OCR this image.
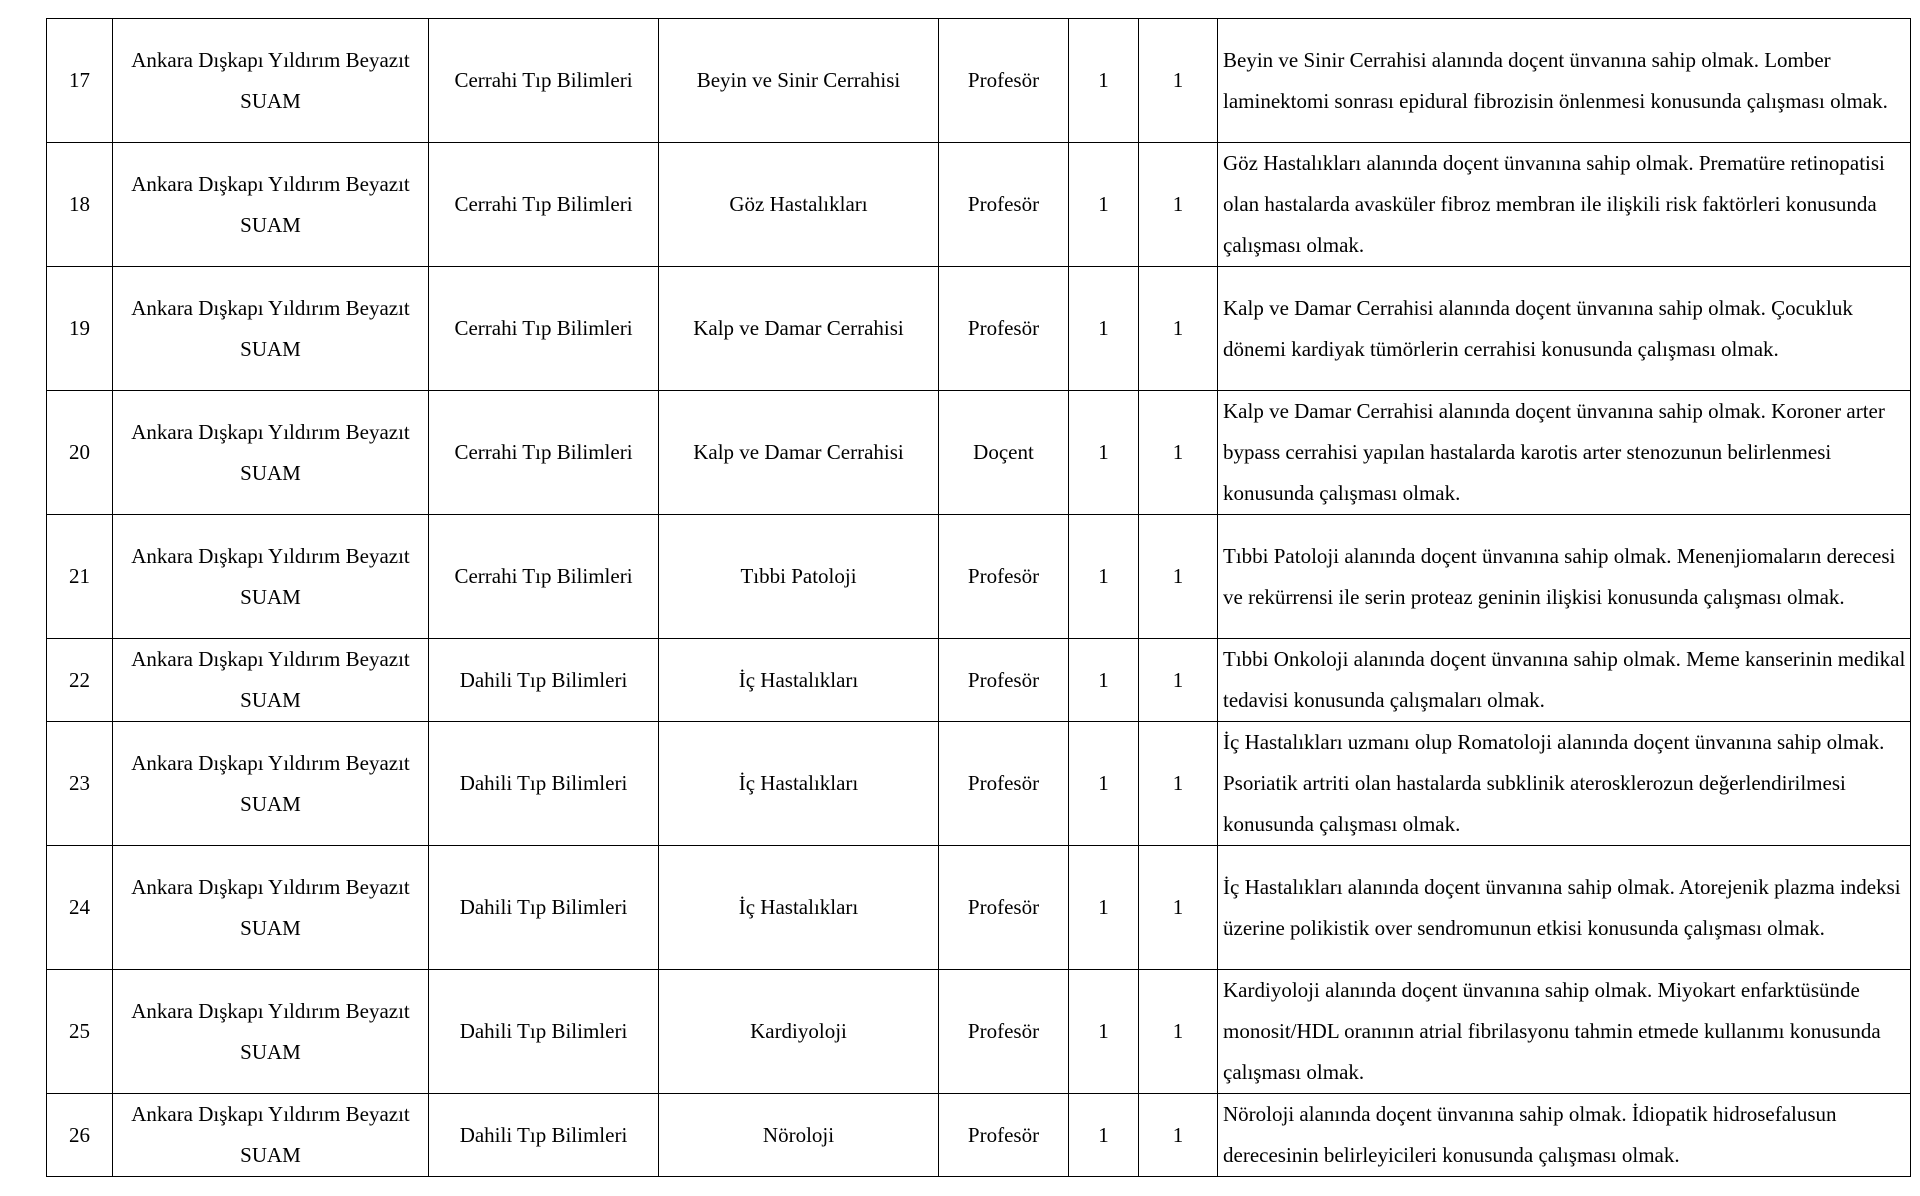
17	Ankara Dışkapı Yıldırım Beyazıt SUAM	Cerrahi Tıp Bilimleri	Beyin ve Sinir Cerrahisi	Profesör	1	1	Beyin ve Sinir Cerrahisi alanında doçent ünvanına sahip olmak. Lomber laminektomi sonrası epidural fibrozisin önlenmesi konusunda çalışması olmak.
18	Ankara Dışkapı Yıldırım Beyazıt SUAM	Cerrahi Tıp Bilimleri	Göz Hastalıkları	Profesör	1	1	Göz Hastalıkları alanında doçent ünvanına sahip olmak. Prematüre retinopatisi olan hastalarda avasküler fibroz membran ile ilişkili risk faktörleri konusunda çalışması olmak.
19	Ankara Dışkapı Yıldırım Beyazıt SUAM	Cerrahi Tıp Bilimleri	Kalp ve Damar Cerrahisi	Profesör	1	1	Kalp ve Damar Cerrahisi alanında doçent ünvanına sahip olmak. Çocukluk dönemi kardiyak tümörlerin cerrahisi konusunda çalışması olmak.
20	Ankara Dışkapı Yıldırım Beyazıt SUAM	Cerrahi Tıp Bilimleri	Kalp ve Damar Cerrahisi	Doçent	1	1	Kalp ve Damar Cerrahisi alanında doçent ünvanına sahip olmak. Koroner arter bypass cerrahisi yapılan hastalarda karotis arter stenozunun belirlenmesi konusunda çalışması olmak.
21	Ankara Dışkapı Yıldırım Beyazıt SUAM	Cerrahi Tıp Bilimleri	Tıbbi Patoloji	Profesör	1	1	Tıbbi Patoloji alanında doçent ünvanına sahip olmak. Menenjiomaların derecesi ve rekürrensi ile serin proteaz geninin ilişkisi konusunda çalışması olmak.
22	Ankara Dışkapı Yıldırım Beyazıt SUAM	Dahili Tıp Bilimleri	İç Hastalıkları	Profesör	1	1	Tıbbi Onkoloji alanında doçent ünvanına sahip olmak. Meme kanserinin medikal tedavisi konusunda çalışmaları olmak.
23	Ankara Dışkapı Yıldırım Beyazıt SUAM	Dahili Tıp Bilimleri	İç Hastalıkları	Profesör	1	1	İç Hastalıkları uzmanı olup Romatoloji alanında doçent ünvanına sahip olmak. Psoriatik artriti olan hastalarda subklinik aterosklerozun değerlendirilmesi konusunda çalışması olmak.
24	Ankara Dışkapı Yıldırım Beyazıt SUAM	Dahili Tıp Bilimleri	İç Hastalıkları	Profesör	1	1	İç Hastalıkları alanında doçent ünvanına sahip olmak. Atorejenik plazma indeksi üzerine polikistik over sendromunun etkisi konusunda çalışması olmak.
25	Ankara Dışkapı Yıldırım Beyazıt SUAM	Dahili Tıp Bilimleri	Kardiyoloji	Profesör	1	1	Kardiyoloji alanında doçent ünvanına sahip olmak. Miyokart enfarktüsünde monosit/HDL oranının atrial fibrilasyonu tahmin etmede kullanımı konusunda çalışması olmak.
26	Ankara Dışkapı Yıldırım Beyazıt SUAM	Dahili Tıp Bilimleri	Nöroloji	Profesör	1	1	Nöroloji alanında doçent ünvanına sahip olmak. İdiopatik hidrosefalusun derecesinin belirleyicileri konusunda çalışması olmak.
